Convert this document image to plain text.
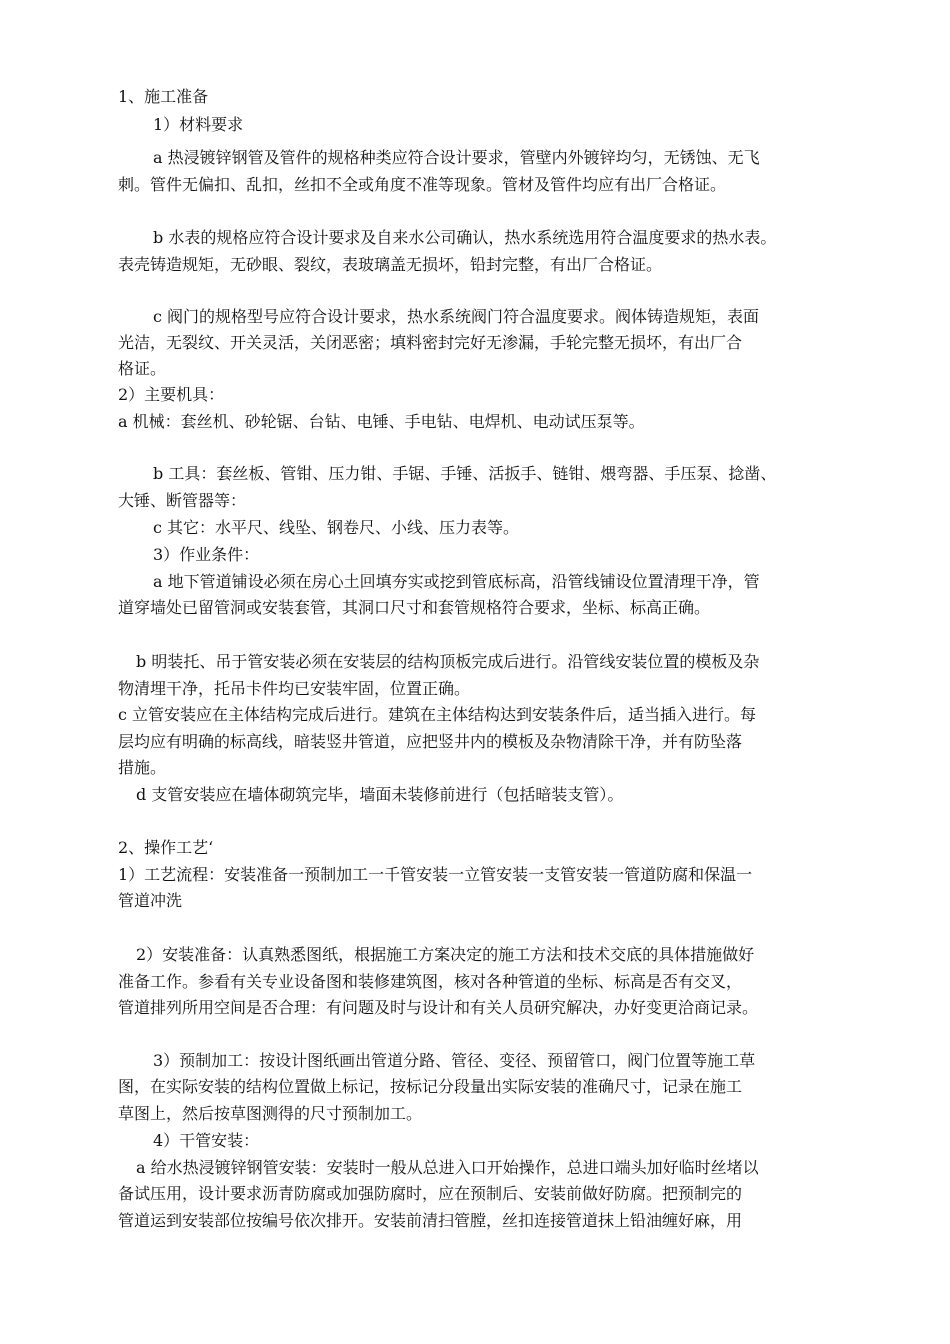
1、施工准备
1）材料要求
a 热浸镀锌钢管及管件的规格种类应符合设计要求，管壁内外镀锌均匀，无锈蚀、无飞
刺。管件无偏扣、乱扣，丝扣不全或角度不准等现象。管材及管件均应有出厂合格证。
b 水表的规格应符合设计要求及自来水公司确认，热水系统选用符合温度要求的热水表。
表壳铸造规矩，无砂眼、裂纹，表玻璃盖无损坏，铅封完整，有出厂合格证。
c 阀门的规格型号应符合设计要求，热水系统阀门符合温度要求。阀体铸造规矩，表面
光洁，无裂纹、开关灵活，关闭恶密；填料密封完好无渗漏，手轮完整无损坏，有出厂合
格证。
2）主要机具：
a 机械：套丝机、砂轮锯、台钻、电锤、手电钻、电焊机、电动试压泵等。
b 工具：套丝板、管钳、压力钳、手锯、手锤、活扳手、链钳、煨弯器、手压泵、捻凿、
大锤、断管器等：
c 其它：水平尺、线坠、钢卷尺、小线、压力表等。
3）作业条件：
a 地下管道铺设必须在房心土回填夯实或挖到管底标高，沿管线铺设位置清理干净，管
道穿墙处已留管洞或安装套管，其洞口尺寸和套管规格符合要求，坐标、标高正确。
b 明装托、吊于管安装必须在安装层的结构顶板完成后进行。沿管线安装位置的模板及杂
物清埋干净，托吊卡件均已安装牢固，位置正确。
c 立管安装应在主体结构完成后进行。建筑在主体结构达到安装条件后，适当插入进行。每
层均应有明确的标高线，暗装竖井管道，应把竖井内的模板及杂物清除干净，并有防坠落
措施。
d 支管安装应在墙体砌筑完毕，墙面未装修前进行（包括暗装支管）。
2、操作工艺‘
1）工艺流程：安装准备一预制加工一千管安装一立管安装一支管安装一管道防腐和保温一
管道冲洗
2）安装准备：认真熟悉图纸，根据施工方案决定的施工方法和技术交底的具体措施做好
准备工作。参看有关专业设备图和装修建筑图，核对各种管道的坐标、标高是否有交叉，
管道排列所用空间是否合理：有问题及时与设计和有关人员研究解决，办好变更洽商记录。
3）预制加工：按设计图纸画出管道分路、管径、变径、预留管口，阀门位置等施工草
图，在实际安装的结构位置做上标记，按标记分段量出实际安装的准确尺寸，记录在施工
草图上，然后按草图测得的尺寸预制加工。
4）干管安装：
a 给水热浸镀锌钢管安装：安装时一般从总进入口开始操作，总进口端头加好临时丝堵以
备试压用，设计要求沥青防腐或加强防腐时，应在预制后、安装前做好防腐。把预制完的
管道运到安装部位按编号依次排开。安装前清扫管膛，丝扣连接管道抹上铅油缠好麻，用
